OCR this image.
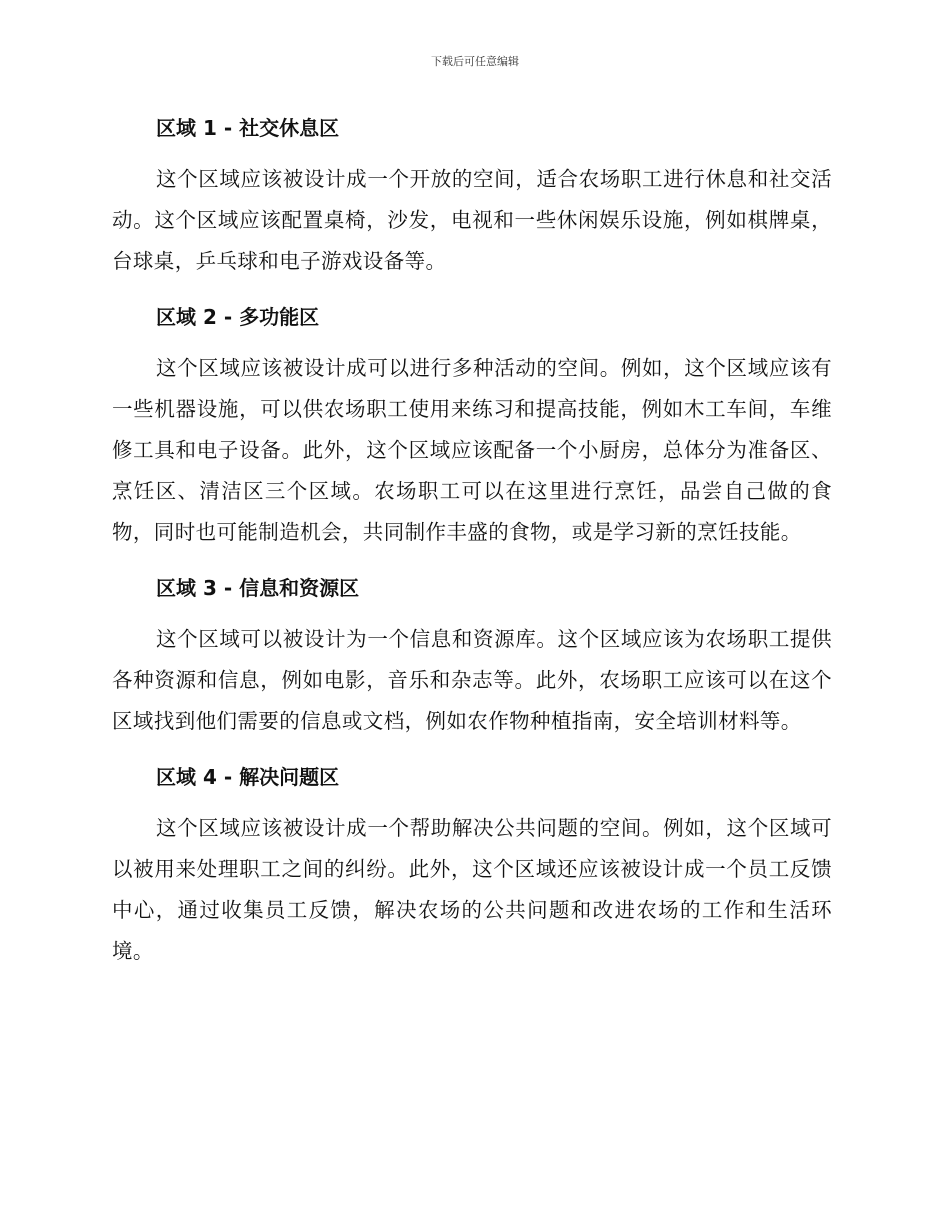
下载后可任意编辑
区域 1 - 社交休息区

这个区域应该被设计成一个开放的空间，适合农场职工进行休息和社交活动。这个区域应该配置桌椅，沙发，电视和一些休闲娱乐设施，例如棋牌桌，台球桌，乒乓球和电子游戏设备等。

区域 2 - 多功能区

这个区域应该被设计成可以进行多种活动的空间。例如，这个区域应该有一些机器设施，可以供农场职工使用来练习和提高技能，例如木工车间，车维修工具和电子设备。此外，这个区域应该配备一个小厨房，总体分为准备区、烹饪区、清洁区三个区域。农场职工可以在这里进行烹饪，品尝自己做的食物，同时也可能制造机会，共同制作丰盛的食物，或是学习新的烹饪技能。

区域 3 - 信息和资源区

这个区域可以被设计为一个信息和资源库。这个区域应该为农场职工提供各种资源和信息，例如电影，音乐和杂志等。此外，农场职工应该可以在这个区域找到他们需要的信息或文档，例如农作物种植指南，安全培训材料等。

区域 4 - 解决问题区

这个区域应该被设计成一个帮助解决公共问题的空间。例如，这个区域可以被用来处理职工之间的纠纷。此外，这个区域还应该被设计成一个员工反馈中心，通过收集员工反馈，解决农场的公共问题和改进农场的工作和生活环境。
